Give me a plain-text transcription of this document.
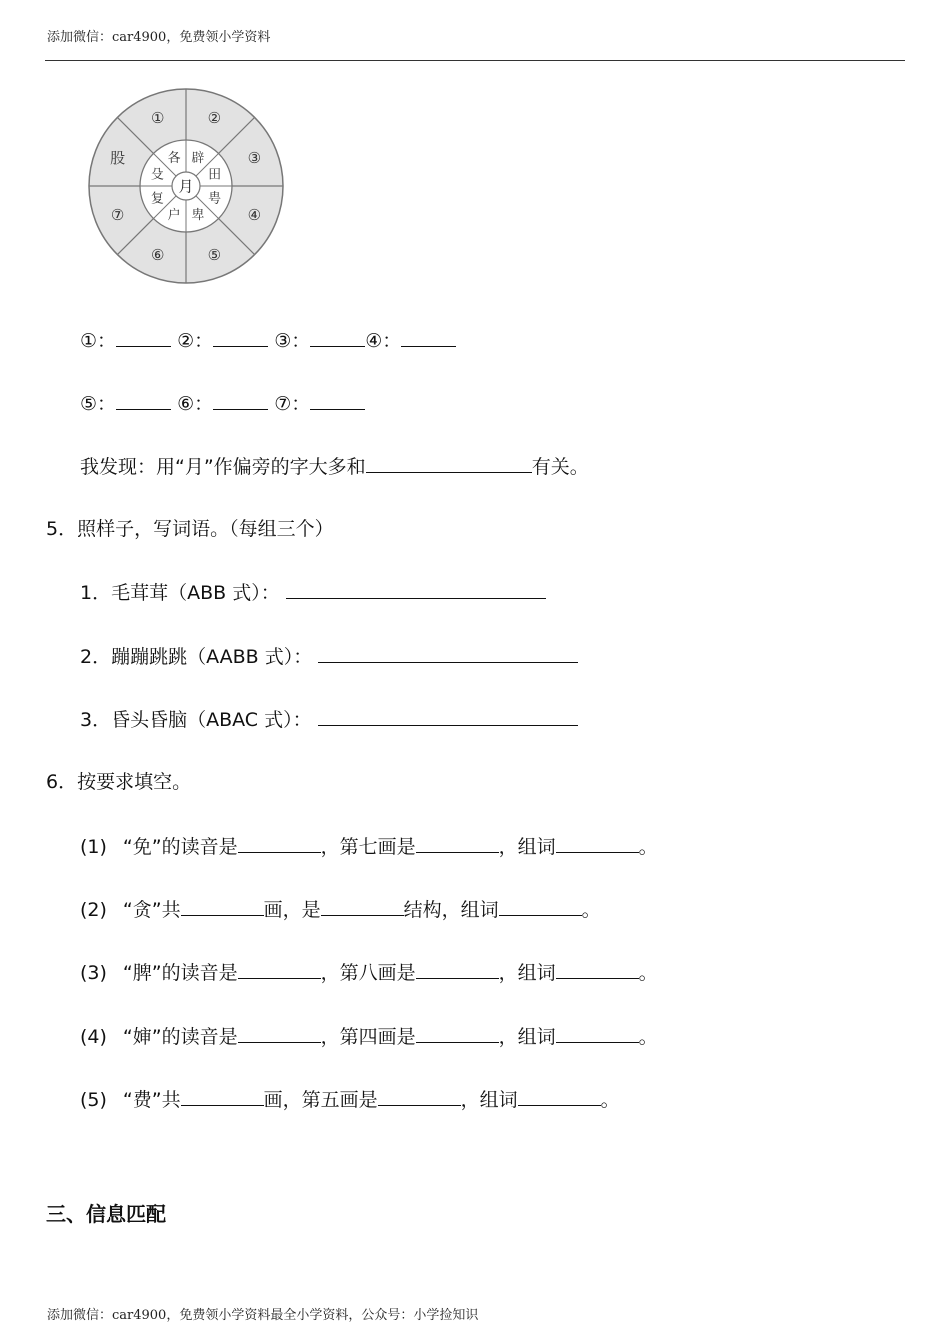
添加微信：car4900，免费领小学资料
月
各 辟
田
甹
卑
户
复
殳
①	②
③
④
⑤
⑥
⑦
股
①：	②：	③：	④：
⑤：	⑥：	⑦：
我发现：用“月”作偏旁的字大多和	有关。
5．照样子，写词语。（每组三个）
1．毛茸茸（ABB 式）：
2．蹦蹦跳跳（AABB 式）：
3．昏头昏脑（ABAC 式）：
6．按要求填空。
(1) “免”的读音是	，第七画是	，组词	。
(2) “贪”共	画，是	结构，组词	。
(3) “脾”的读音是	，第八画是	，组词	。
(4) “婶”的读音是	，第四画是	，组词	。
(5) “费”共	画，第五画是	，组词	。
三、信息匹配
添加微信：car4900，免费领小学资料最全小学资料，公众号：小学捡知识
